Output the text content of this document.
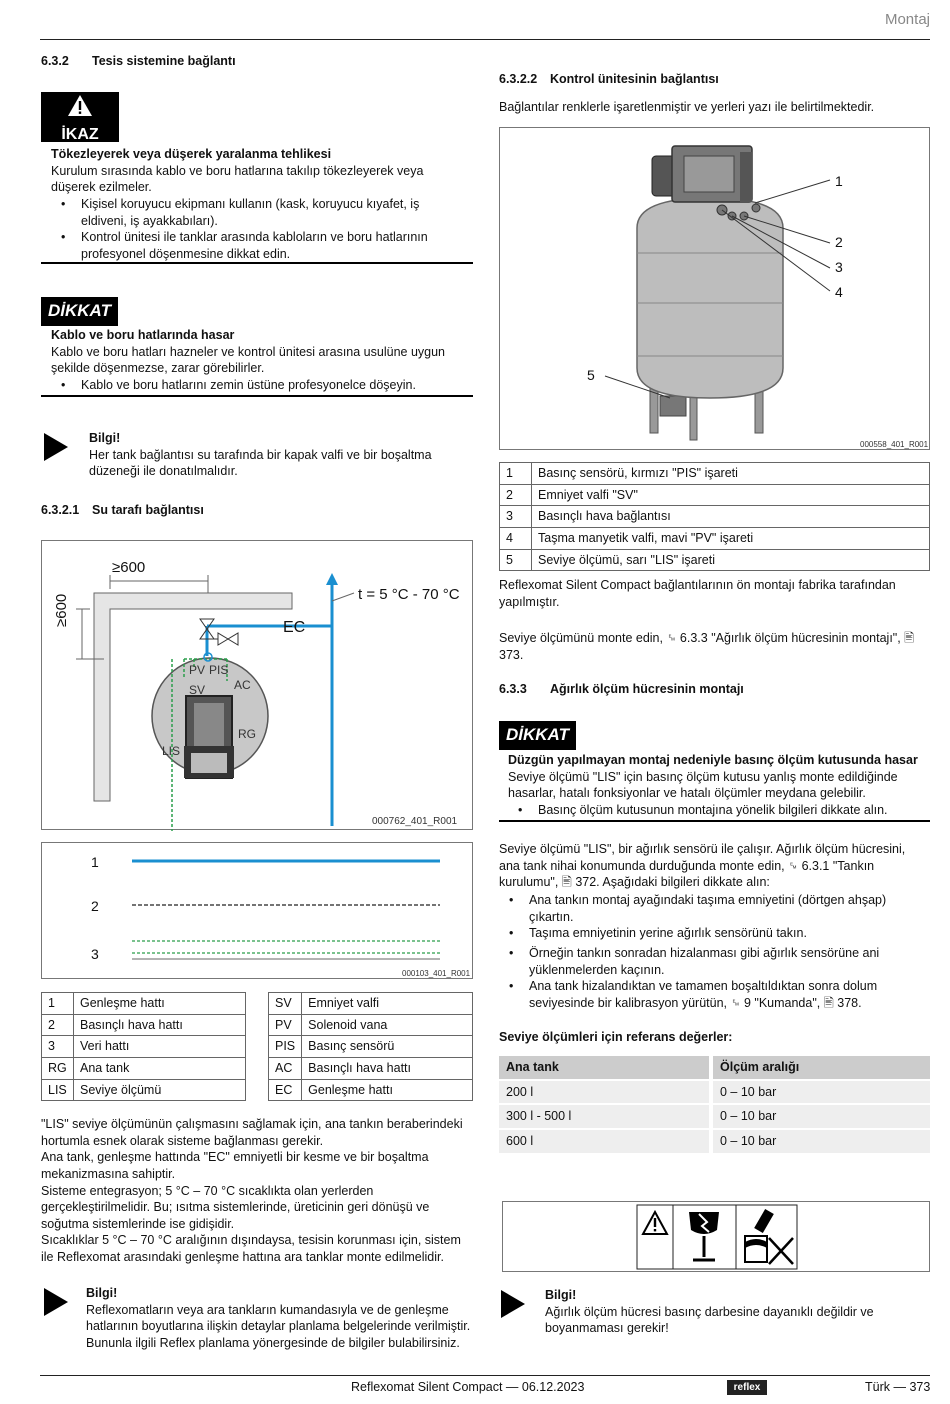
Montaj
6.3.2 Tesis sistemine bağlantı
İKAZ
Tökezleyerek veya düşerek yaralanma tehlikesi
Kurulum sırasında kablo ve boru hatlarına takılıp tökezleyerek veya düşerek ezilmeler.
• Kişisel koruyucu ekipmanı kullanın (kask, koruyucu kıyafet, iş eldiveni, iş ayakkabıları).
• Kontrol ünitesi ile tanklar arasında kabloların ve boru hatlarının profesyonel döşenmesine dikkat edin.
DİKKAT
Kablo ve boru hatlarında hasar
Kablo ve boru hatları hazneler ve kontrol ünitesi arasına usulüne uygun şekilde döşenmezse, zarar görebilirler.
• Kablo ve boru hatlarını zemin üstüne profesyonelce döşeyin.
Bilgi!
Her tank bağlantısı su tarafında bir kapak valfi ve bir boşaltma düzeneği ile donatılmalıdır.
6.3.2.1 Su tarafı bağlantısı
≥600
≥600	t = 5 °C - 70 °C
EC
PV PIS
SV AC
RG
LIS
000762_401_R001
1
2
3
000103_401_R001
1	Genleşme hattı
2	Basınçlı hava hattı
3	Veri hattı
RG	Ana tank
LIS	Seviye ölçümü
SV	Emniyet valfi
PV	Solenoid vana
PIS	Basınç sensörü
AC	Basınçlı hava hattı
EC	Genleşme hattı
"LIS" seviye ölçümünün çalışmasını sağlamak için, ana tankın beraberindeki hortumla esnek olarak sisteme bağlanması gerekir.
Ana tank, genleşme hattında "EC" emniyetli bir kesme ve bir boşaltma mekanizmasına sahiptir.
Sisteme entegrasyon; 5 °C – 70 °C sıcaklıkta olan yerlerden gerçekleştirilmelidir. Bu; ısıtma sistemlerinde, üreticinin geri dönüşü ve soğutma sistemlerinde ise gidişidir.
Sıcaklıklar 5 °C – 70 °C aralığının dışındaysa, tesisin korunması için, sistem ile Reflexomat arasındaki genleşme hattına ara tanklar monte edilmelidir.
Bilgi!
Reflexomatların veya ara tankların kumandasıyla ve de genleşme hatlarının boyutlarına ilişkin detaylar planlama belgelerinde verilmiştir. Bununla ilgili Reflex planlama yönergesinde de bilgiler bulabilirsiniz.
6.3.2.2 Kontrol ünitesinin bağlantısı
Bağlantılar renklerle işaretlenmiştir ve yerleri yazı ile belirtilmektedir.
1
2
3
4
5
000558_401_R001
1	Basınç sensörü, kırmızı "PIS" işareti
2	Emniyet valfi "SV"
3	Basınçlı hava bağlantısı
4	Taşma manyetik valfi, mavi "PV" işareti
5	Seviye ölçümü, sarı "LIS" işareti
Reflexomat Silent Compact bağlantılarının ön montajı fabrika tarafından yapılmıştır.
Seviye ölçümünü monte edin, ␙ 6.3.3 "Ağırlık ölçüm hücresinin montajı", 🖹 373.
6.3.3 Ağırlık ölçüm hücresinin montajı
DİKKAT
Düzgün yapılmayan montaj nedeniyle basınç ölçüm kutusunda hasar
Seviye ölçümü "LIS" için basınç ölçüm kutusu yanlış monte edildiğinde hasarlar, hatalı fonksiyonlar ve hatalı ölçümler meydana gelebilir.
• Basınç ölçüm kutusunun montajına yönelik bilgileri dikkate alın.
Seviye ölçümü "LIS", bir ağırlık sensörü ile çalışır. Ağırlık ölçüm hücresini, ana tank nihai konumunda durduğunda monte edin, ␙ 6.3.1 "Tankın kurulumu", 🖹 372. Aşağıdaki bilgileri dikkate alın:
• Ana tankın montaj ayağındaki taşıma emniyetini (dörtgen ahşap) çıkartın.
• Taşıma emniyetinin yerine ağırlık sensörünü takın.
• Örneğin tankın sonradan hizalanması gibi ağırlık sensörüne ani yüklenmelerden kaçının.
• Ana tank hizalandıktan ve tamamen boşaltıldıktan sonra dolum seviyesinde bir kalibrasyon yürütün, ␙ 9 "Kumanda", 🖹 378.
Seviye ölçümleri için referans değerler:
Ana tank	Ölçüm aralığı
200 l	0 – 10 bar
300 l - 500 l	0 – 10 bar
600 l	0 – 10 bar
Bilgi!
Ağırlık ölçüm hücresi basınç darbesine dayanıklı değildir ve boyanmaması gerekir!
Reflexomat Silent Compact — 06.12.2023	reflex	Türk — 373
